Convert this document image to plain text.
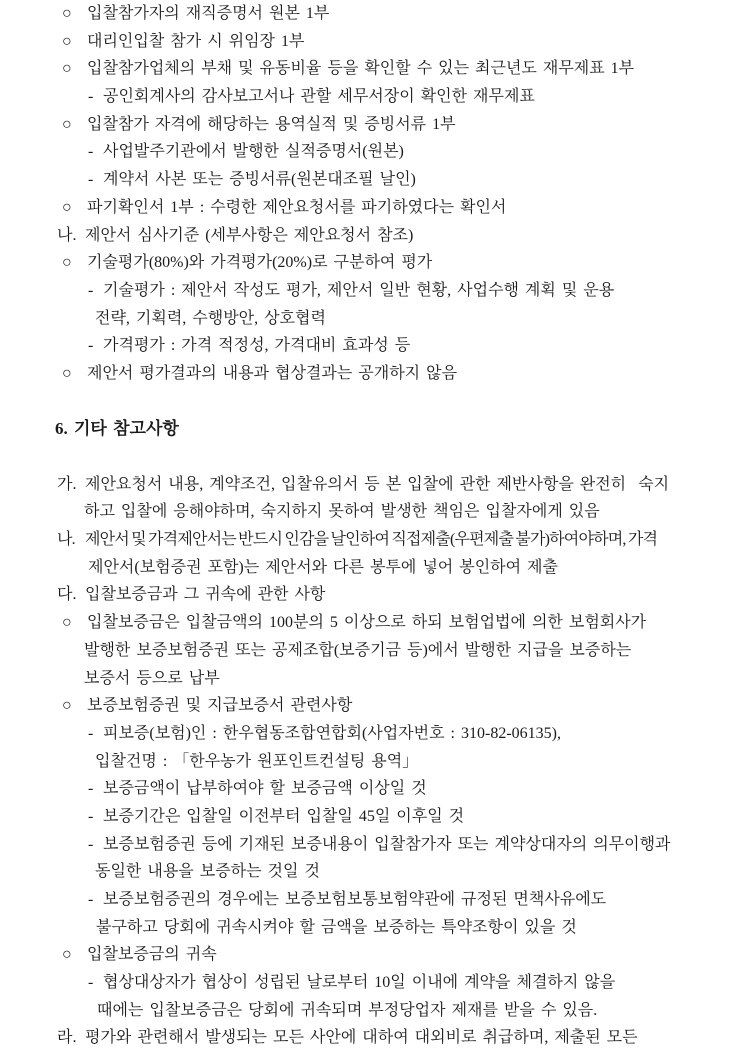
○ 입찰참가자의 재직증명서 원본 1부
○ 대리인입찰 참가 시 위임장 1부
○ 입찰참가업체의 부채 및 유동비율 등을 확인할 수 있는 최근년도 재무제표 1부
- 공인회계사의 감사보고서나 관할 세무서장이 확인한 재무제표
○ 입찰참가 자격에 해당하는 용역실적 및 증빙서류 1부
- 사업발주기관에서 발행한 실적증명서(원본)
- 계약서 사본 또는 증빙서류(원본대조필 날인)
○ 파기확인서 1부 : 수령한 제안요청서를 파기하였다는 확인서
나. 제안서 심사기준 (세부사항은 제안요청서 참조)
○ 기술평가(80%)와 가격평가(20%)로 구분하여 평가
- 기술평가 : 제안서 작성도 평가, 제안서 일반 현황, 사업수행 계획 및 운용
전략, 기획력, 수행방안, 상호협력
- 가격평가 : 가격 적정성, 가격대비 효과성 등
○ 제안서 평가결과의 내용과 협상결과는 공개하지 않음
6. 기타 참고사항
가. 제안요청서 내용, 계약조건, 입찰유의서 등 본 입찰에 관한 제반사항을 완전히  숙지
하고 입찰에 응해야하며, 숙지하지 못하여 발생한 책임은 입찰자에게 있음
나. 제안서 및 가격제안서는 반드시 인감을 날인하여 직접제출(우편제출 불가)하여야하며, 가격
제안서(보험증권 포함)는 제안서와 다른 봉투에 넣어 봉인하여 제출
다. 입찰보증금과 그 귀속에 관한 사항
○ 입찰보증금은 입찰금액의 100분의 5 이상으로 하되 보험업법에 의한 보험회사가
발행한 보증보험증권 또는 공제조합(보증기금 등)에서 발행한 지급을 보증하는
보증서 등으로 납부
○ 보증보험증권 및 지급보증서 관련사항
- 피보증(보험)인 : 한우협동조합연합회(사업자번호 : 310-82-06135),
입찰건명 : 「한우농가 원포인트컨설팅 용역」
- 보증금액이 납부하여야 할 보증금액 이상일 것
- 보증기간은 입찰일 이전부터 입찰일 45일 이후일 것
- 보증보험증권 등에 기재된 보증내용이 입찰참가자 또는 계약상대자의 의무이행과
동일한 내용을 보증하는 것일 것
- 보증보험증권의 경우에는 보증보험보통보험약관에 규정된 면책사유에도
불구하고 당회에 귀속시켜야 할 금액을 보증하는 특약조항이 있을 것
○ 입찰보증금의 귀속
- 협상대상자가 협상이 성립된 날로부터 10일 이내에 계약을 체결하지 않을
때에는 입찰보증금은 당회에 귀속되며 부정당업자 제재를 받을 수 있음.
라. 평가와 관련해서 발생되는 모든 사안에 대하여 대외비로 취급하며, 제출된 모든
